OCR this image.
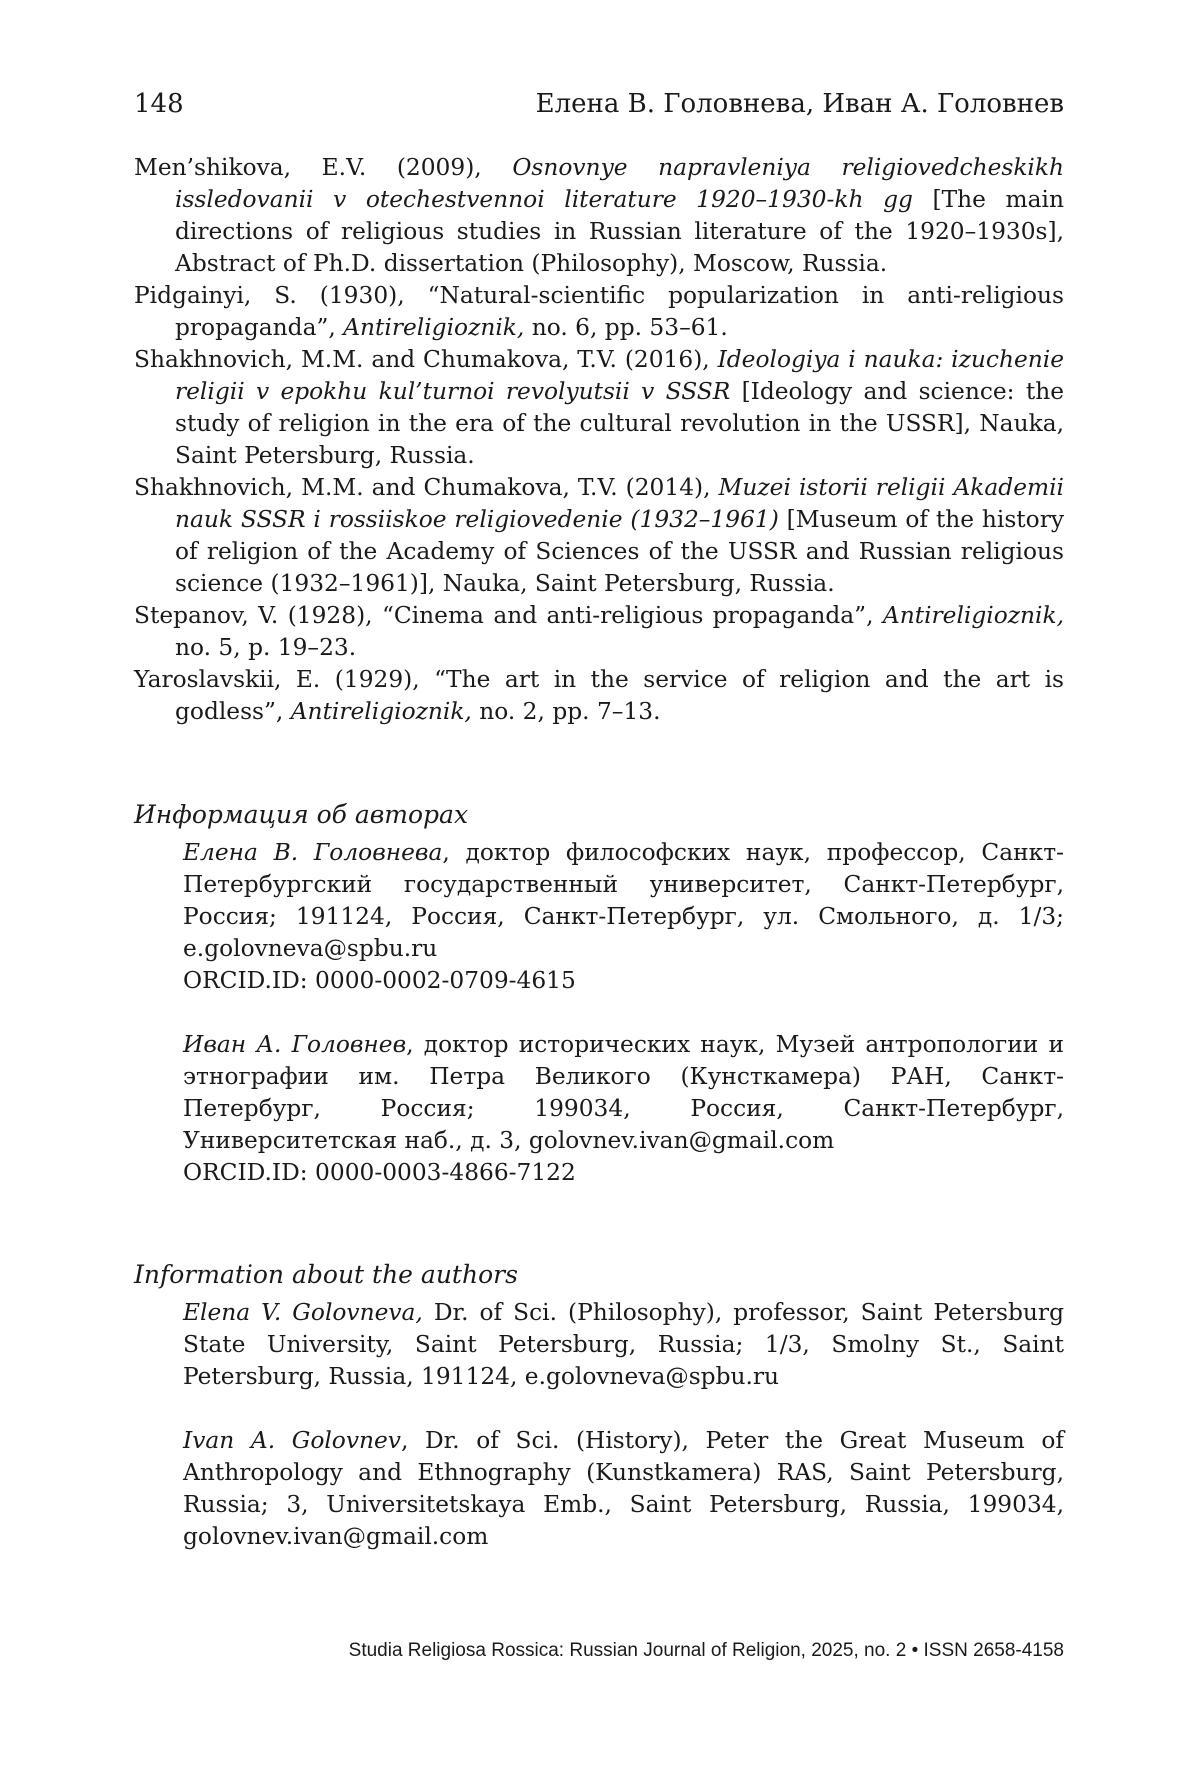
148	Елена В. Головнева, Иван А. Головнев
Men’shikova, E.V. (2009), Osnovnye napravleniya religiovedcheskikh issledovanii v otechestvennoi literature 1920–1930-kh gg [The main directions of religious studies in Russian literature of the 1920–1930s], Abstract of Ph.D. dissertation (Philosophy), Moscow, Russia.
Pidgainyi, S. (1930), “Natural-scientific popularization in anti-religious propaganda”, Antireligioznik, no. 6, pp. 53–61.
Shakhnovich, M.M. and Chumakova, T.V. (2016), Ideologiya i nauka: izuchenie religii v epokhu kul’turnoi revolyutsii v SSSR [Ideology and science: the study of religion in the era of the cultural revolution in the USSR], Nauka, Saint Petersburg, Russia.
Shakhnovich, M.M. and Chumakova, T.V. (2014), Muzei istorii religii Akademii nauk SSSR i rossiiskoe religiovedenie (1932–1961) [Museum of the history of religion of the Academy of Sciences of the USSR and Russian religious science (1932–1961)], Nauka, Saint Petersburg, Russia.
Stepanov, V. (1928), “Cinema and anti-religious propaganda”, Antireligioznik, no. 5, p. 19–23.
Yaroslavskii, E. (1929), “The art in the service of religion and the art is godless”, Antireligioznik, no. 2, pp. 7–13.
Информация об авторах
Елена В. Головнева, доктор философских наук, профессор, Санкт-Петербургский государственный университет, Санкт-Петербург, Россия; 191124, Россия, Санкт-Петербург, ул. Смольного, д. 1/3; e.golovneva@spbu.ru
ORCID.ID: 0000-0002-0709-4615
Иван А. Головнев, доктор исторических наук, Музей антропологии и этнографии им. Петра Великого (Кунсткамера) РАН, Санкт-Петербург, Россия; 199034, Россия, Санкт-Петербург, Университетская наб., д. 3, golovnev.ivan@gmail.com
ORCID.ID: 0000-0003-4866-7122
Information about the authors
Elena V. Golovneva, Dr. of Sci. (Philosophy), professor, Saint Petersburg State University, Saint Petersburg, Russia; 1/3, Smolny St., Saint Petersburg, Russia, 191124, e.golovneva@spbu.ru
Ivan A. Golovnev, Dr. of Sci. (History), Peter the Great Museum of Anthropology and Ethnography (Kunstkamera) RAS, Saint Petersburg, Russia; 3, Universitetskaya Emb., Saint Petersburg, Russia, 199034, golovnev.ivan@gmail.com
Studia Religiosa Rossica: Russian Journal of Religion, 2025, no. 2 • ISSN 2658-4158
